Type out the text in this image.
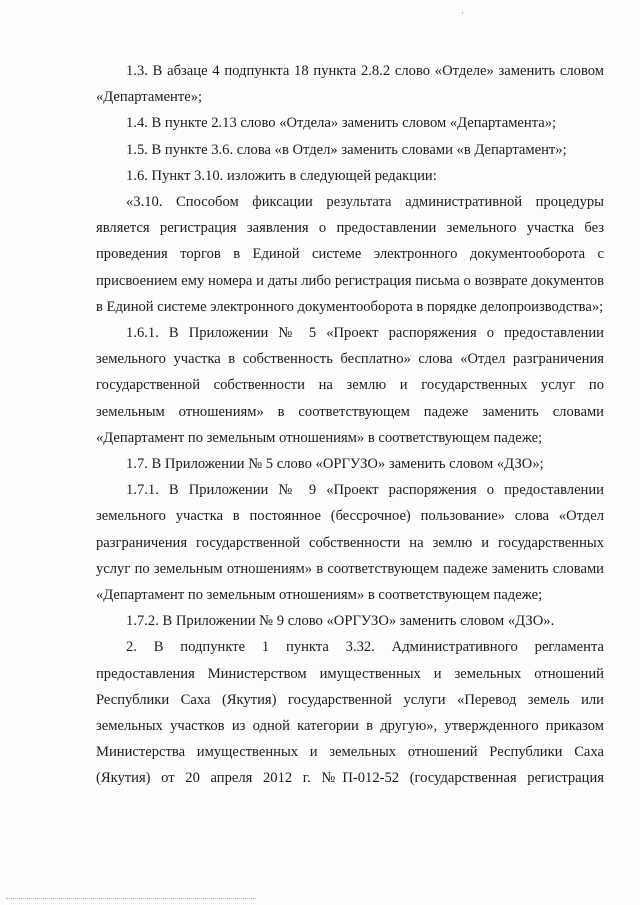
1.3. В абзаце 4 подпункта 18 пункта 2.8.2 слово «Отделе» заменить словом «Департаменте»;

1.4. В пункте 2.13 слово «Отдела» заменить словом «Департамента»;

1.5. В пункте 3.6. слова «в Отдел» заменить словами «в Департамент»;

1.6. Пункт 3.10. изложить в следующей редакции:

«3.10. Способом фиксации результата административной процедуры является регистрация заявления о предоставлении земельного участка без проведения торгов в Единой системе электронного документооборота с присвоением ему номера и даты либо регистрация письма о возврате документов в Единой системе электронного документооборота в порядке делопроизводства»;

1.6.1. В Приложении № 5 «Проект распоряжения о предоставлении земельного участка в собственность бесплатно» слова «Отдел разграничения государственной собственности на землю и государственных услуг по земельным отношениям» в соответствующем падеже заменить словами «Департамент по земельным отношениям» в соответствующем падеже;

1.7. В Приложении № 5 слово «ОРГУЗО» заменить словом «ДЗО»;

1.7.1. В Приложении № 9 «Проект распоряжения о предоставлении земельного участка в постоянное (бессрочное) пользование» слова «Отдел разграничения государственной собственности на землю и государственных услуг по земельным отношениям» в соответствующем падеже заменить словами «Департамент по земельным отношениям» в соответствующем падеже;

1.7.2. В Приложении № 9 слово «ОРГУЗО» заменить словом «ДЗО».

2. В подпункте 1 пункта 3.32. Административного регламента предоставления Министерством имущественных и земельных отношений Республики Саха (Якутия) государственной услуги «Перевод земель или земельных участков из одной категории в другую», утвержденного приказом Министерства имущественных и земельных отношений Республики Саха (Якутия) от 20 апреля 2012 г. №П-012-52 (государственная регистрация
